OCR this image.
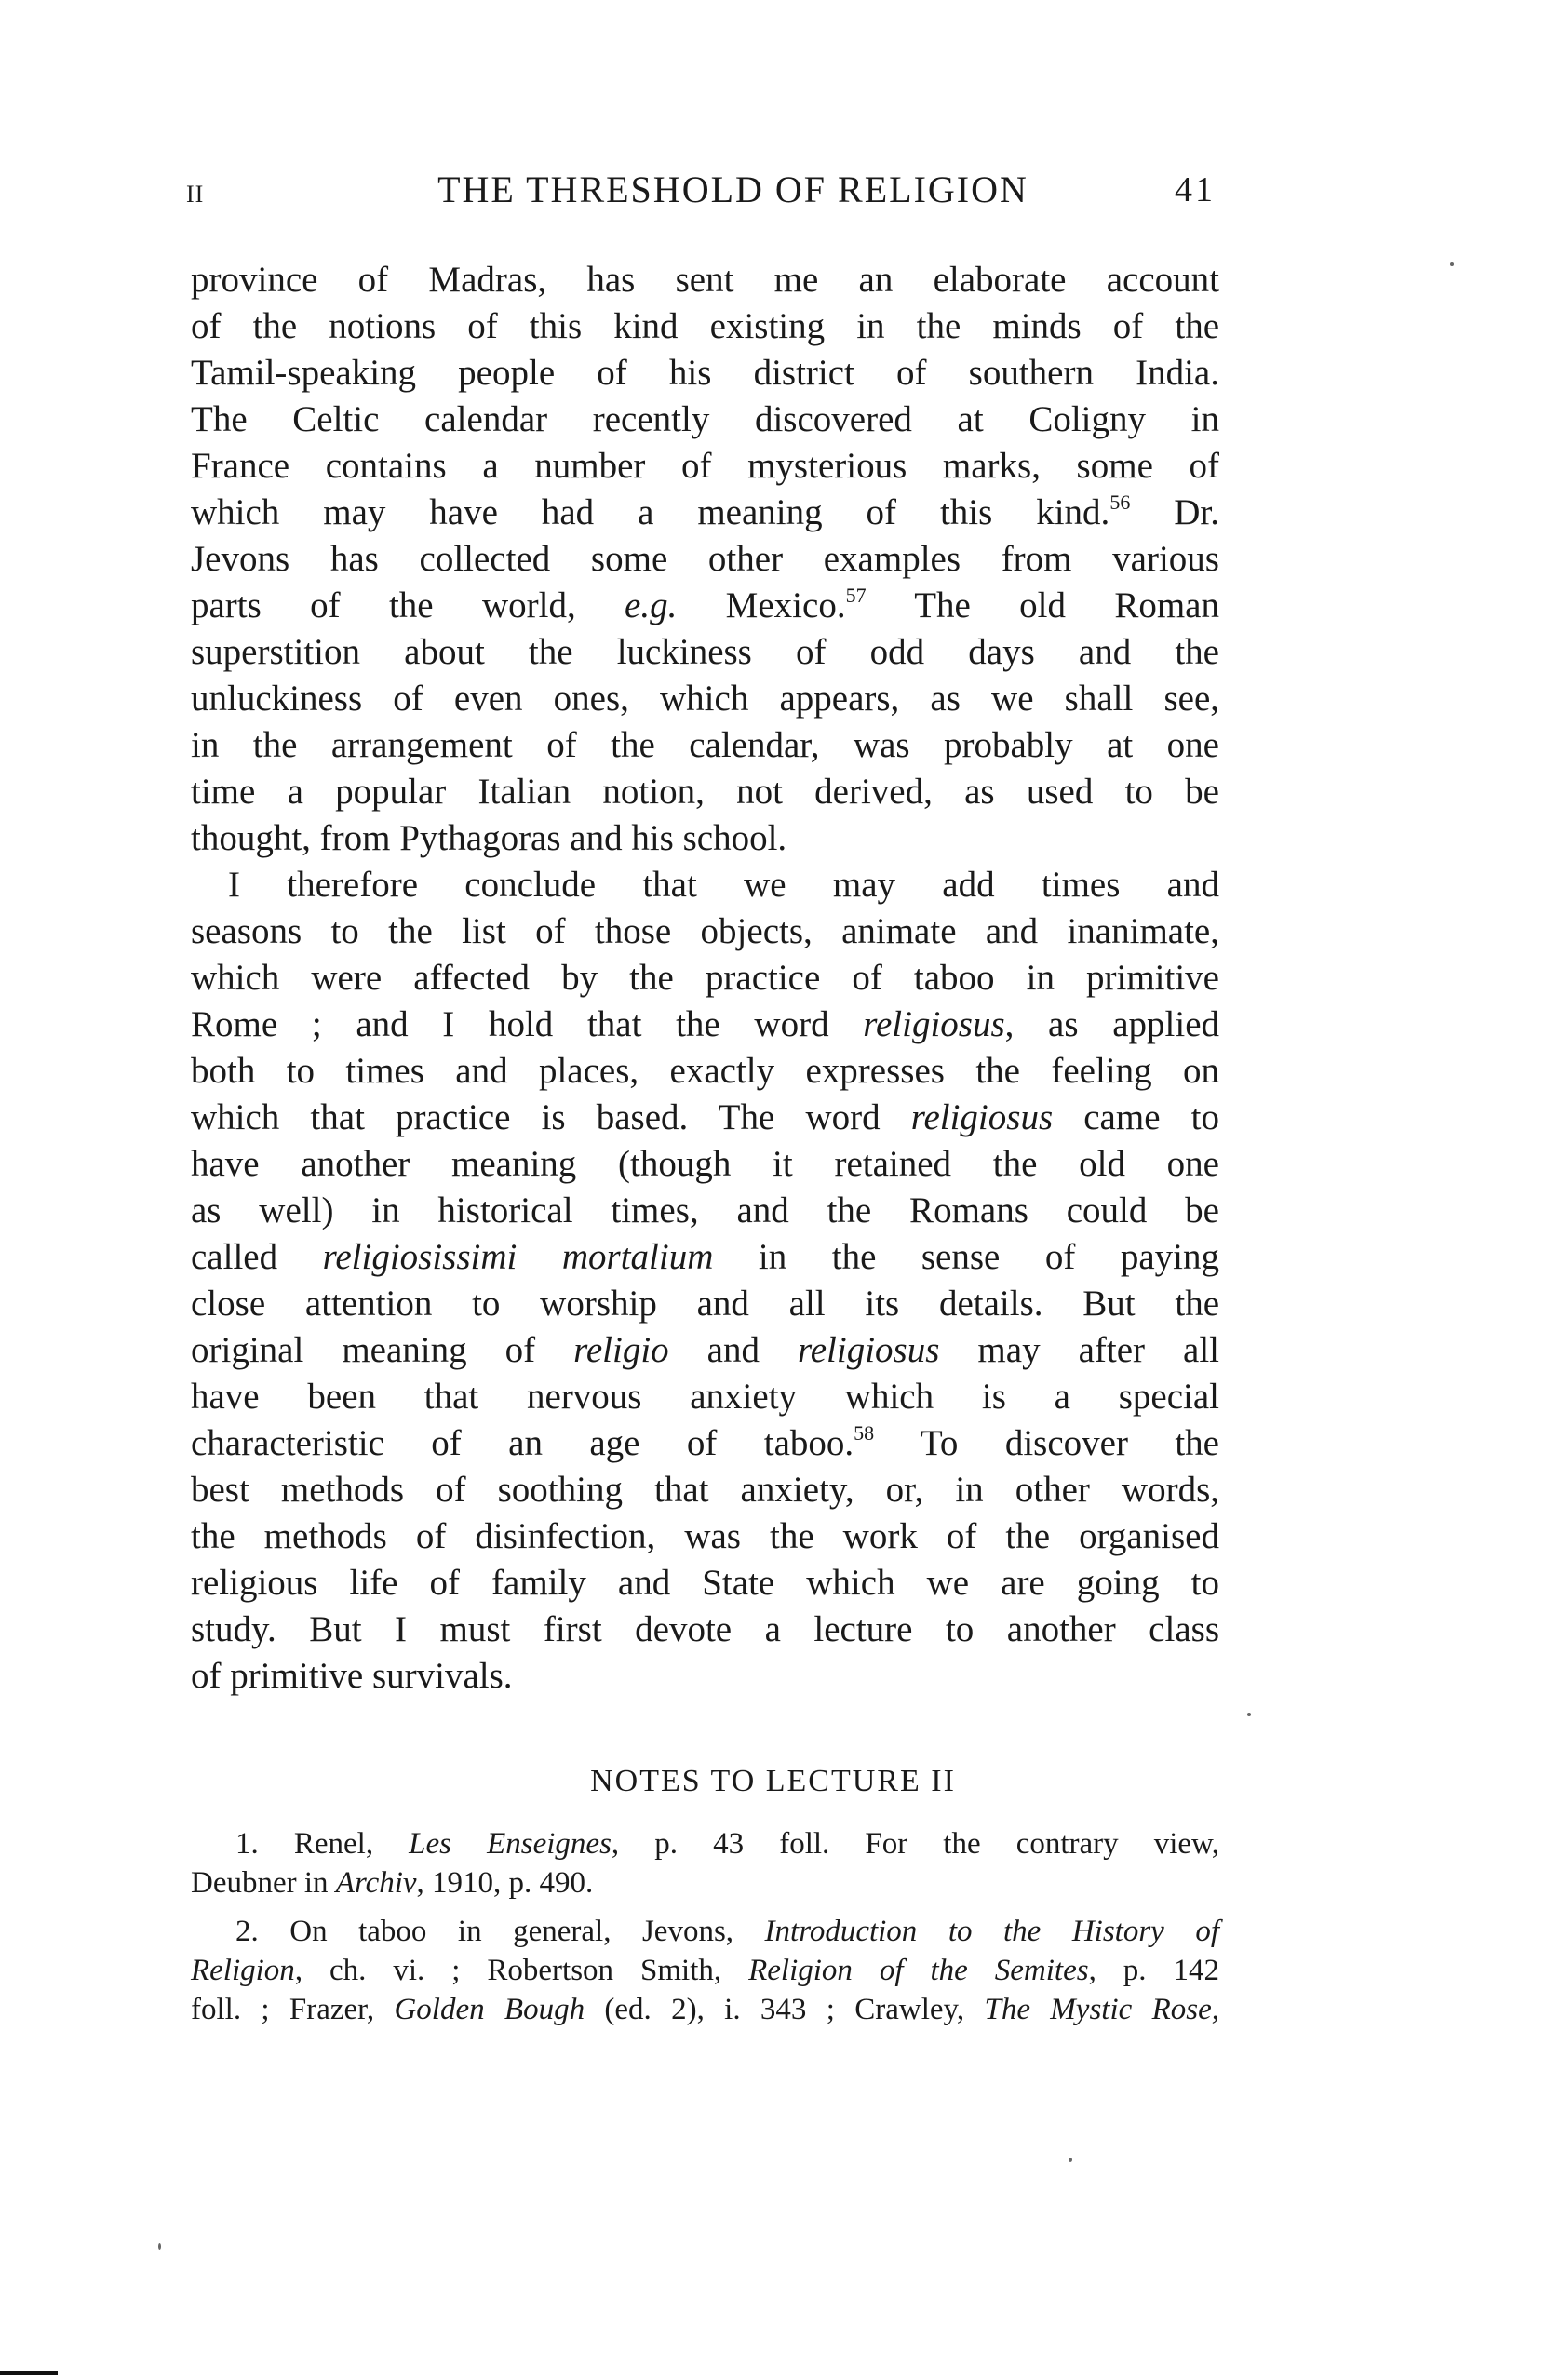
II	THE THRESHOLD OF RELIGION	41
province of Madras, has sent me an elaborate account
of the notions of this kind existing in the minds of the
Tamil-speaking people of his district of southern India.
The Celtic calendar recently discovered at Coligny in
France contains a number of mysterious marks, some of
which may have had a meaning of this kind.$^{56}$ Dr.
Jevons has collected some other examples from various
parts of the world, e.g. Mexico.$^{57}$ The old Roman
superstition about the luckiness of odd days and the
unluckiness of even ones, which appears, as we shall see,
in the arrangement of the calendar, was probably at one
time a popular Italian notion, not derived, as used to be
thought, from Pythagoras and his school.
I therefore conclude that we may add times and
seasons to the list of those objects, animate and inanimate,
which were affected by the practice of taboo in primitive
Rome ; and I hold that the word religiosus, as applied
both to times and places, exactly expresses the feeling on
which that practice is based. The word religiosus came to
have another meaning (though it retained the old one
as well) in historical times, and the Romans could be
called religiosissimi mortalium in the sense of paying
close attention to worship and all its details. But the
original meaning of religio and religiosus may after all
have been that nervous anxiety which is a special
characteristic of an age of taboo.$^{58}$ To discover the
best methods of soothing that anxiety, or, in other words,
the methods of disinfection, was the work of the organised
religious life of family and State which we are going to
study. But I must first devote a lecture to another class
of primitive survivals.
NOTES TO LECTURE II
1. Renel, Les Enseignes, p. 43 foll. For the contrary view,
Deubner in Archiv, 1910, p. 490.
2. On taboo in general, Jevons, Introduction to the History of
Religion, ch. vi. ; Robertson Smith, Religion of the Semites, p. 142
foll. ; Frazer, Golden Bough (ed. 2), i. 343 ; Crawley, The Mystic Rose,
